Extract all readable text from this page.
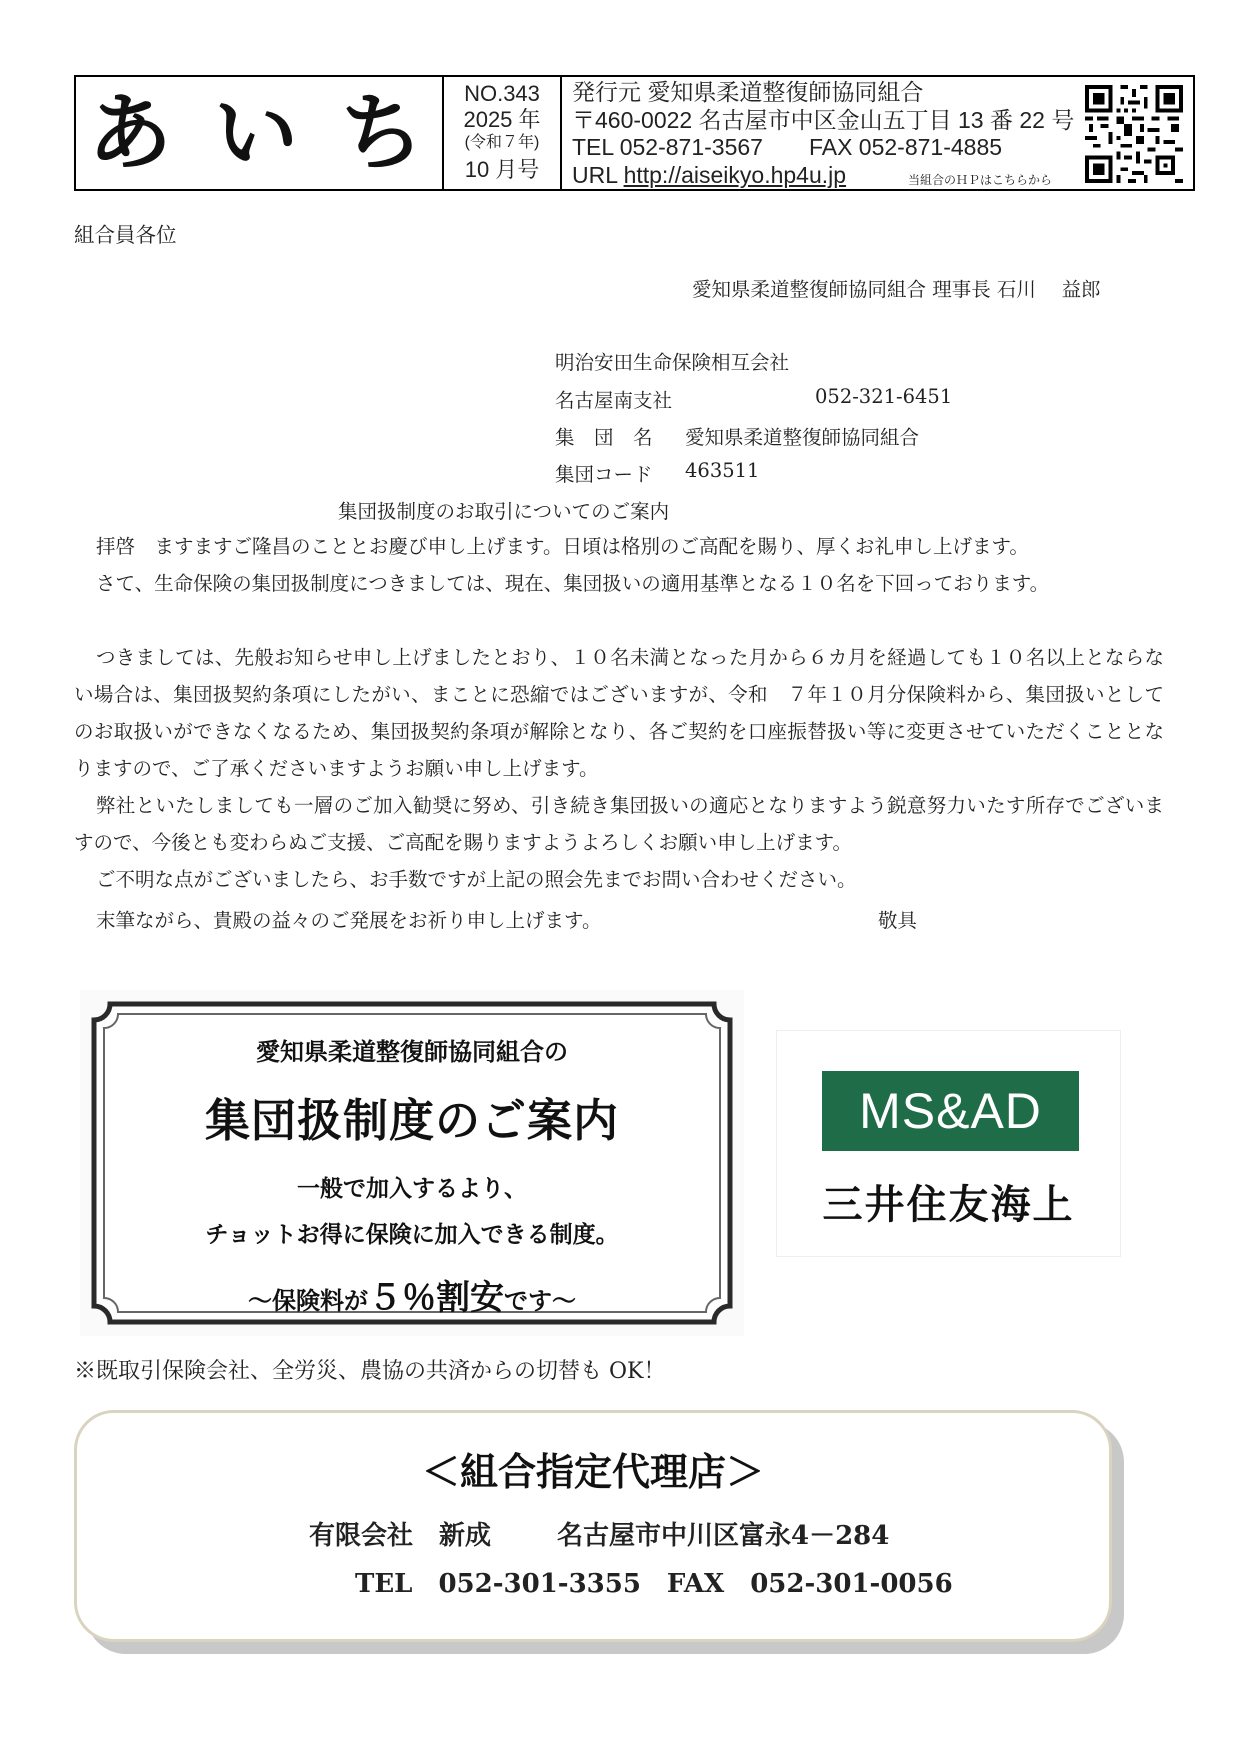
あ い ち	NO.343
2025 年
(令和７年)
10 月号
発行元 愛知県柔道整復師協同組合
〒460-0022 名古屋市中区金山五丁目 13 番 22 号
TEL 052-871-3567　　FAX 052-871-4885
URL http://aiseikyo.hp4u.jp	当組合のＨＰはこちらから
組合員各位
愛知県柔道整復師協同組合 理事長 石川　 益郎
明治安田生命保険相互会社
名古屋南支社	052-321-6451
集　団　名 愛知県柔道整復師協同組合
集団コード 463511
集団扱制度のお取引についてのご案内
拝啓　ますますご隆昌のこととお慶び申し上げます。日頃は格別のご高配を賜り、厚くお礼申し上げます。
さて、生命保険の集団扱制度につきましては、現在、集団扱いの適用基準となる１０名を下回っております。
つきましては、先般お知らせ申し上げましたとおり、１０名未満となった月から６カ月を経過しても１０名以上とならない場合は、集団扱契約条項にしたがい、まことに恐縮ではございますが、令和　７年１０月分保険料から、集団扱いとしてのお取扱いができなくなるため、集団扱契約条項が解除となり、各ご契約を口座振替扱い等に変更させていただくこととなりますので、ご了承くださいますようお願い申し上げます。
弊社といたしましても一層のご加入勧奨に努め、引き続き集団扱いの適応となりますよう鋭意努力いたす所存でございますので、今後とも変わらぬご支援、ご高配を賜りますようよろしくお願い申し上げます。
ご不明な点がございましたら、お手数ですが上記の照会先までお問い合わせください。
末筆ながら、貴殿の益々のご発展をお祈り申し上げます。	敬具
愛知県柔道整復師協同組合の
集団扱制度のご案内
一般で加入するより、
チョットお得に保険に加入できる制度。
～保険料が５％割安です～
MS&AD
三井住友海上
※既取引保険会社、全労災、農協の共済からの切替も OK！
＜組合指定代理店＞
有限会社　新成	名古屋市中川区富永4－284
TEL　052-301-3355　FAX　052-301-0056
